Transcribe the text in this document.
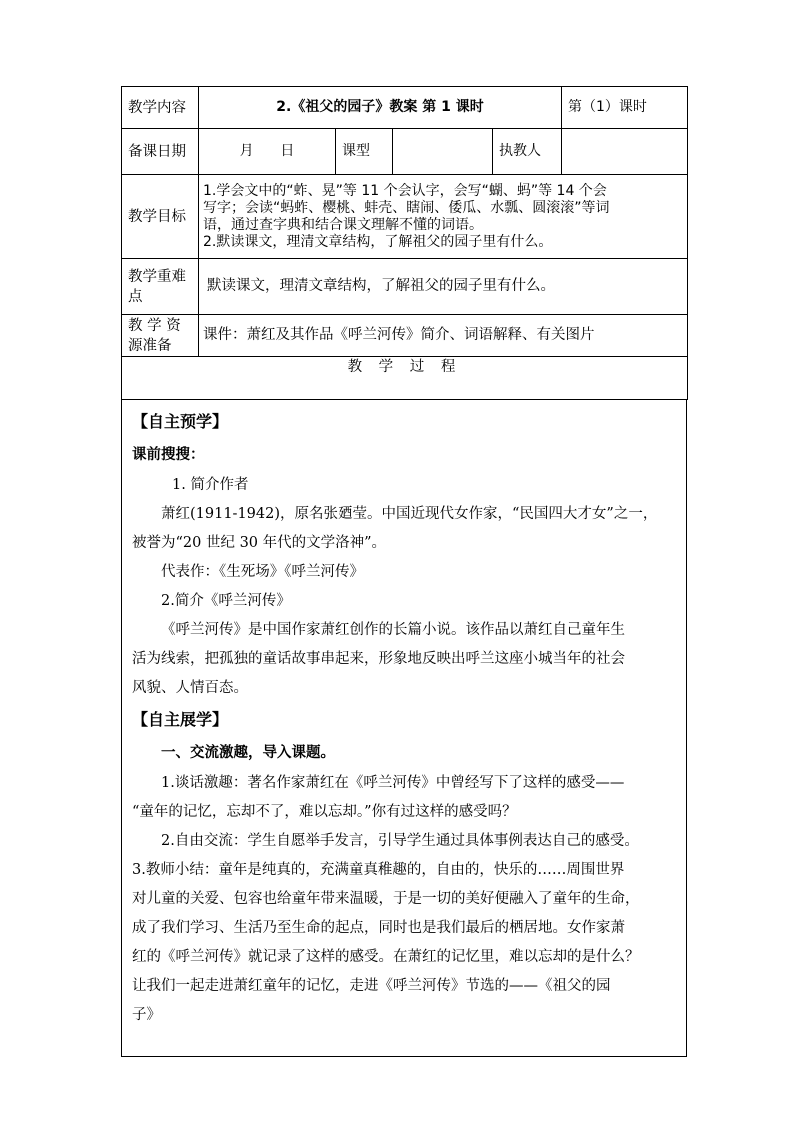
教学内容	2.《祖父的园子》教案 第 1 课时				第（1）课时
备课日期	月      日	课型		执教人	
教学目标	1.学会文中的“蚱、晃”等 11 个会认字，会写“蝴、蚂”等 14 个会
写字；会读“蚂蚱、樱桃、蚌壳、瞎闹、倭瓜、水瓢、圆滚滚”等词
语，通过查字典和结合课文理解不懂的词语。
2.默读课文，理清文章结构，了解祖父的园子里有什么。				

教学重难点	默读课文，理清文章结构，了解祖父的园子里有什么。				
教 学 资源准备	课件：萧红及其作品《呼兰河传》简介、词语解释、有关图片				
教 学 过 程					
【自主预学】
课前搜搜：
1. 简介作者
萧红(1911-1942)，原名张廼莹。中国近现代女作家，“民国四大才女”之一，
被誉为“20 世纪 30 年代的文学洛神”。
代表作：《生死场》《呼兰河传》
2.简介《呼兰河传》
《呼兰河传》是中国作家萧红创作的长篇小说。该作品以萧红自己童年生
活为线索，把孤独的童话故事串起来，形象地反映出呼兰这座小城当年的社会
风貌、人情百态。
【自主展学】
一、交流激趣，导入课题。
1.谈话激趣：著名作家萧红在《呼兰河传》中曾经写下了这样的感受——
“童年的记忆，忘却不了，难以忘却。”你有过这样的感受吗？
2.自由交流：学生自愿举手发言，引导学生通过具体事例表达自己的感受。
3.教师小结：童年是纯真的，充满童真稚趣的，自由的，快乐的……周围世界
对儿童的关爱、包容也给童年带来温暖，于是一切的美好便融入了童年的生命，
成了我们学习、生活乃至生命的起点，同时也是我们最后的栖居地。女作家萧
红的《呼兰河传》就记录了这样的感受。在萧红的记忆里，难以忘却的是什么？
让我们一起走进萧红童年的记忆，走进《呼兰河传》节选的——《祖父的园
子》
